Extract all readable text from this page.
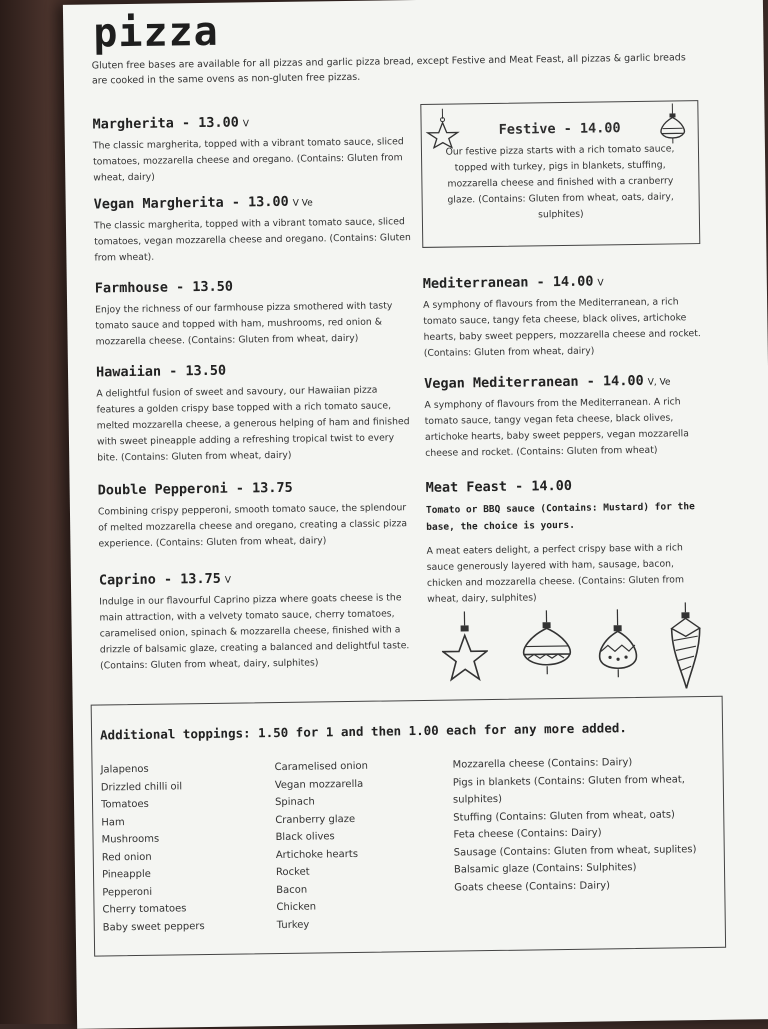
pizza
Gluten free bases are available for all pizzas and garlic pizza bread, except Festive and Meat Feast, all pizzas & garlic breads are cooked in the same ovens as non-gluten free pizzas.
Margherita - 13.00 V
The classic margherita, topped with a vibrant tomato sauce, sliced tomatoes, mozzarella cheese and oregano. (Contains: Gluten from wheat, dairy)
Vegan Margherita - 13.00 V Ve
The classic margherita, topped with a vibrant tomato sauce, sliced tomatoes, vegan mozzarella cheese and oregano. (Contains: Gluten from wheat).
Farmhouse - 13.50
Enjoy the richness of our farmhouse pizza smothered with tasty tomato sauce and topped with ham, mushrooms, red onion & mozzarella cheese. (Contains: Gluten from wheat, dairy)
Hawaiian - 13.50
A delightful fusion of sweet and savoury, our Hawaiian pizza features a golden crispy base topped with a rich tomato sauce, melted mozzarella cheese, a generous helping of ham and finished with sweet pineapple adding a refreshing tropical twist to every bite. (Contains: Gluten from wheat, dairy)
Double Pepperoni - 13.75
Combining crispy pepperoni, smooth tomato sauce, the splendour of melted mozzarella cheese and oregano, creating a classic pizza experience. (Contains: Gluten from wheat, dairy)
Caprino - 13.75 V
Indulge in our flavourful Caprino pizza where goats cheese is the main attraction, with a velvety tomato sauce, cherry tomatoes, caramelised onion, spinach & mozzarella cheese, finished with a drizzle of balsamic glaze, creating a balanced and delightful taste. (Contains: Gluten from wheat, dairy, sulphites)
Festive - 14.00
Our festive pizza starts with a rich tomato sauce, topped with turkey, pigs in blankets, stuffing, mozzarella cheese and finished with a cranberry glaze. (Contains: Gluten from wheat, oats, dairy, sulphites)
Mediterranean - 14.00 V
A symphony of flavours from the Mediterranean, a rich tomato sauce, tangy feta cheese, black olives, artichoke hearts, baby sweet peppers, mozzarella cheese and rocket. (Contains: Gluten from wheat, dairy)
Vegan Mediterranean - 14.00 V, Ve
A symphony of flavours from the Mediterranean. A rich tomato sauce, tangy vegan feta cheese, black olives, artichoke hearts, baby sweet peppers, vegan mozzarella cheese and rocket. (Contains: Gluten from wheat)
Meat Feast - 14.00
Tomato or BBQ sauce (Contains: Mustard) for the base, the choice is yours.
A meat eaters delight, a perfect crispy base with a rich sauce generously layered with ham, sausage, bacon, chicken and mozzarella cheese. (Contains: Gluten from wheat, dairy, sulphites)
Additional toppings: 1.50 for 1 and then 1.00 each for any more added.
Jalapenos
Drizzled chilli oil
Tomatoes
Ham
Mushrooms
Red onion
Pineapple
Pepperoni
Cherry tomatoes
Baby sweet peppers
Caramelised onion
Vegan mozzarella
Spinach
Cranberry glaze
Black olives
Artichoke hearts
Rocket
Bacon
Chicken
Turkey
Mozzarella cheese (Contains: Dairy)
Pigs in blankets (Contains: Gluten from wheat,
sulphites)
Stuffing (Contains: Gluten from wheat, oats)
Feta cheese (Contains: Dairy)
Sausage (Contains: Gluten from wheat, suplites)
Balsamic glaze (Contains: Sulphites)
Goats cheese (Contains: Dairy)
